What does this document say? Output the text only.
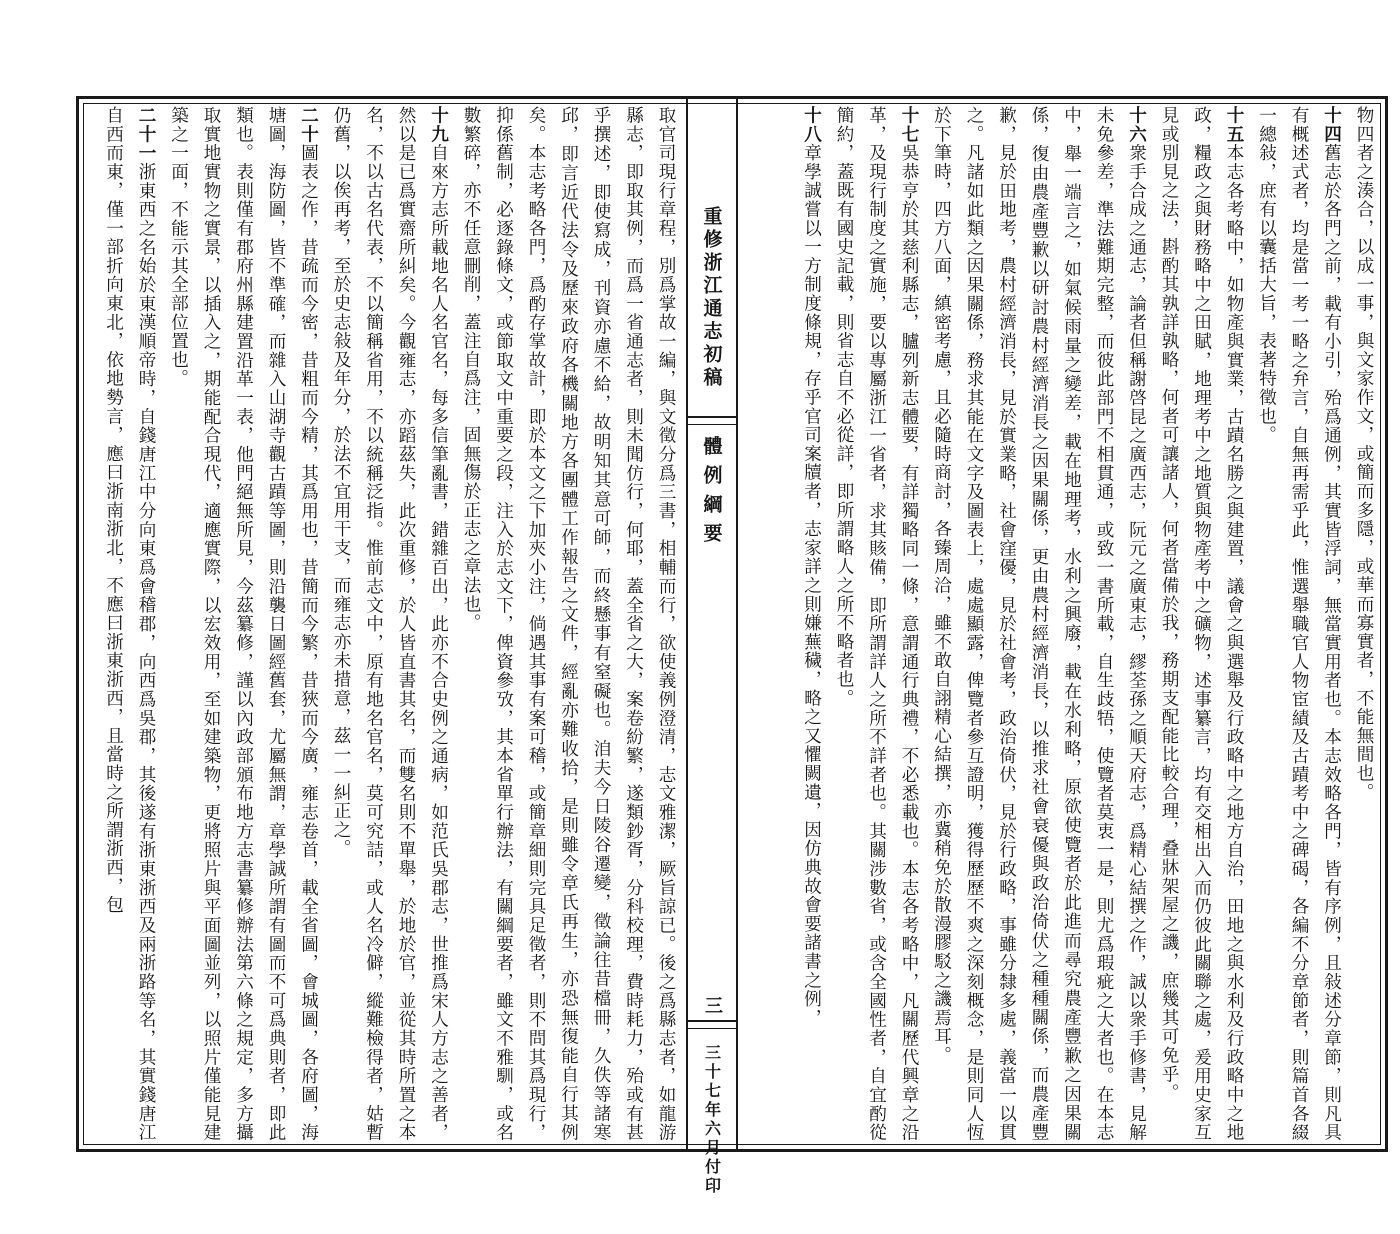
重修浙江通志初稿
體例綱要
三
三十七年六月付印

物四者之湊合，以成一事，與文家作文，或簡而多隱，或華而寡實者，不能無間也。

十四舊志於各門之前，載有小引，殆爲通例，其實皆浮詞，無當實用者也。本志效略各門，皆有序例，且敍述分章節，則凡具有概述式者，均是當一考一略之弁言，自無再需乎此，惟選舉職官人物宦績及古蹟考中之碑碣，各編不分章節者，則篇首各綴一總敍，庶有以囊括大旨，表著特徵也。

十五本志各考略中，如物產與實業，古蹟名勝之與建置，議會之與選舉及行政略中之地方自治，田地之與水利及行政略中之地政，糧政之與財務略中之田賦，地理考中之地質與物產考中之礦物，述事纂言，均有交相出入而仍彼此關聯之處，爰用史家互見或別見之法，斟酌其孰詳孰略，何者可讓諸人，何者當備於我，務期支配能比較合理，叠牀架屋之譏，庶幾其可免乎。

十六衆手合成之通志，論者但稱謝啓昆之廣西志，阮元之廣東志，繆荃孫之順天府志，爲精心結撰之作，誠以衆手修書，見解未免參差，準法難期完整，而彼此部門不相貫通，或致一書所載，自生歧牾，使覽者莫衷一是，則尤爲瑕疵之大者也。在本志中，舉一端言之，如氣候雨量之變差，載在地理考，水利之興廢，載在水利略，原欲使覽者於此進而尋究農產豐歉之因果關係，復由農產豐歉以研討農村經濟消長之因果關係，更由農村經濟消長，以推求社會衰優與政治倚伏之種種關係，而農產豐歉，見於田地考，農村經濟消長，見於實業略，社會窪優，見於社會考，政治倚伏，見於行政略，事雖分隸多處，義當一以貫之。凡諸如此類之因果關係，務求其能在文字及圖表上，處處顯露，俾覽者參互證明，獲得歷歷不爽之深刻概念，是則同人恆於下筆時，四方八面，縝密考慮，且必隨時商討，各臻周洽，雖不敢自詡精心結撰，亦冀稍免於散漫膠駁之譏焉耳。

十七吳恭亨於其慈利縣志，臚列新志體要，有詳獨略同一條，意謂通行典禮，不必悉載也。本志各考略中，凡關歷代興章之沿革，及現行制度之實施，要以專屬浙江一省者，求其賅備，即所謂詳人之所不詳者也。其關涉數省，或含全國性者，自宜酌從簡約，蓋既有國史記載，則省志自不必從詳，即所謂略人之所不略者也。

十八章學誠嘗以一方制度條規，存乎官司案牘者，志家詳之則嫌蕪穢，略之又懼闕遺，因仿典故會要諸書之例，

取官司現行章程，別爲掌故一編，與文徵分爲三書，相輔而行，欲使義例澄清，志文雅潔，厥旨諒已。後之爲縣志者，如龍游縣志，即取其例，而爲一省通志者，則未聞仿行，何耶，蓋全省之大，案卷紛繁，遂類鈔胥，分科校理，費時耗力，殆或有甚乎撰述，即使寫成，刊資亦慮不給，故明知其意可師，而終懸事有窒礙也。洎夫今日陵谷遷變，徵論往昔檔冊，久佚等諸寒邱，即言近代法令及歷來政府各機關地方各團體工作報告之文件，經亂亦難收拾，是則雖令章氏再生，亦恐無復能自行其例矣。本志考略各門，爲酌存掌故計，即於本文之下加夾小注，倘遇其事有案可稽，或簡章細則完具足徵者，則不問其爲現行，抑係舊制，必逐錄條文，或節取文中重要之段，注入於志文下，俾資參攷，其本省單行辦法，有關綱要者，雖文不雅馴，或名數繁碎，亦不任意刪削，蓋注自爲注，固無傷於正志之章法也。

十九自來方志所載地名人名官名，每多信筆亂書，錯雜百出，此亦不合史例之通病，如范氏吳郡志，世推爲宋人方志之善者，然以是已爲實齋所糾矣。今觀雍志，亦蹈茲失，此次重修，於人皆直書其名，而雙名則不單舉，於地於官，並從其時所置之本名，不以古名代表，不以簡稱省用，不以統稱泛指。惟前志文中，原有地名官名，莫可究詰，或人名冷僻，縱難檢得者，姑暫仍舊，以俟再考，至於史志敍及年分，於法不宜用干支，而雍志亦未措意，茲一一糾正之。

二十圖表之作，昔疏而今密，昔粗而今精，其爲用也，昔簡而今繁，昔狹而今廣，雍志卷首，載全省圖，會城圖，各府圖，海塘圖，海防圖，皆不準確，而雜入山湖寺觀古蹟等圖，則沿襲日圖經舊套，尤屬無謂，章學誠所謂有圖而不可爲典則者，即此類也。表則僅有郡府州縣建置沿革一表，他門絕無所見，今茲纂修，謹以內政部頒布地方志書纂修辦法第六條之規定，多方攝取實地實物之實景，以插入之，期能配合現代，適應實際，以宏效用，至如建築物，更將照片與平面圖並列，以照片僅能見建築之一面，不能示其全部位置也。

二十一浙東西之名始於東漢順帝時，自錢唐江中分向東爲會稽郡，向西爲吳郡，其後遂有浙東浙西及兩浙路等名，其實錢唐江自西而東，僅一部折向東北，依地勢言，應曰浙南浙北，不應曰浙東浙西，且當時之所謂浙西，包
